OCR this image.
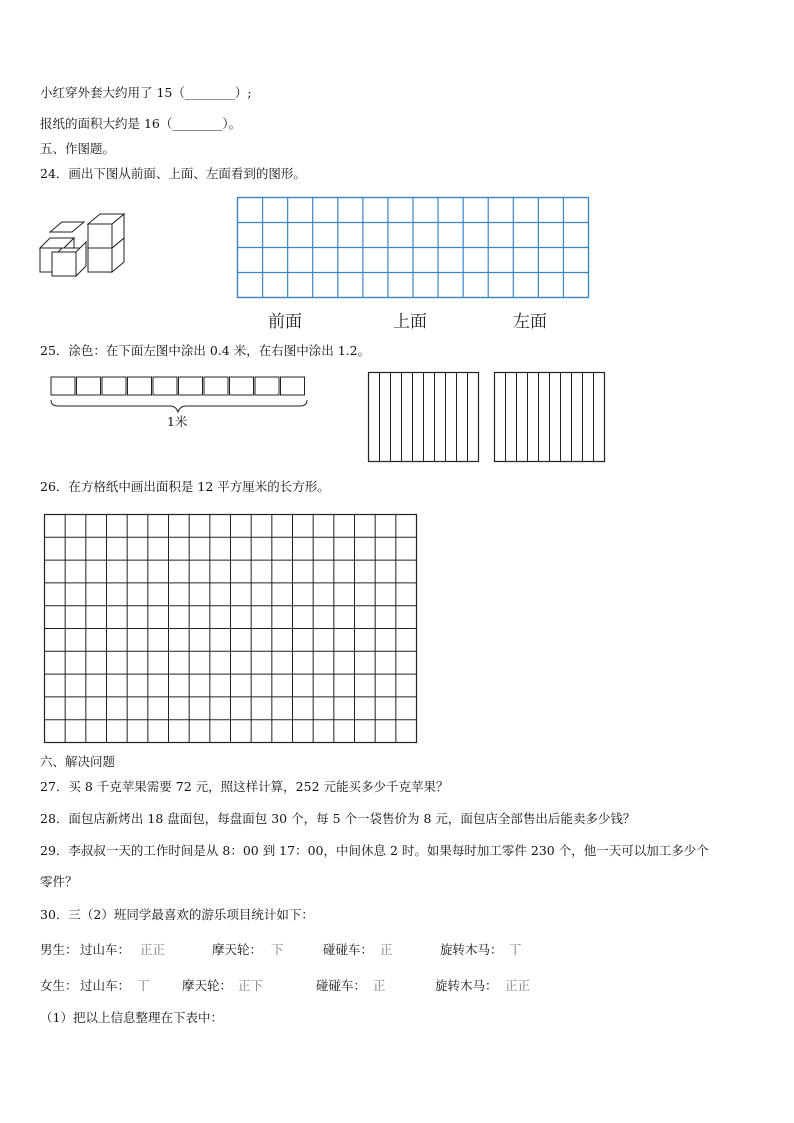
小红穿外套大约用了 15（________）;
报纸的面积大约是 16（________）。
五、作图题。
24．画出下图从前面、上面、左面看到的图形。
前面	上面	左面
25．涂色：在下面左图中涂出 0.4 米，在右图中涂出 1.2。
1米
26．在方格纸中画出面积是 12 平方厘米的长方形。
六、解决问题
27．买 8 千克苹果需要 72 元，照这样计算，252 元能买多少千克苹果？
28．面包店新烤出 18 盘面包，每盘面包 30 个，每 5 个一袋售价为 8 元，面包店全部售出后能卖多少钱？
29．李叔叔一天的工作时间是从 8：00 到 17：00，中间休息 2 时。如果每时加工零件 230 个，他一天可以加工多少个
零件？
30．三（2）班同学最喜欢的游乐项目统计如下：
男生： 过山车： 正正	摩天轮： 下	碰碰车： 正	旋转木马： 丅
女生： 过山车： 丅	摩天轮： 正下	碰碰车： 正	旋转木马： 正正
（1）把以上信息整理在下表中：
